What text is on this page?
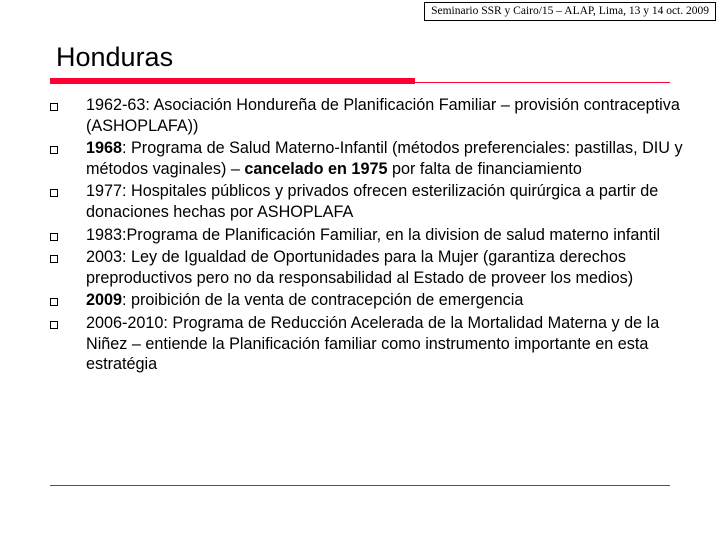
Seminario SSR y Cairo/15 – ALAP, Lima, 13 y 14 oct. 2009
Honduras
1962-63: Asociación Hondureña de Planificación Familiar – provisión contraceptiva (ASHOPLAFA))
1968: Programa de Salud Materno-Infantil (métodos preferenciales: pastillas, DIU y métodos vaginales) – cancelado en 1975 por falta de financiamiento
1977: Hospitales públicos y privados ofrecen esterilización quirúrgica a partir de donaciones hechas por ASHOPLAFA
1983:Programa de Planificación Familiar, en la division de salud materno infantil
2003: Ley de Igualdad de Oportunidades para la Mujer (garantiza derechos preproductivos pero no da responsabilidad al Estado de proveer los medios)
2009: proibición de la venta de contracepción de emergencia
2006-2010: Programa de Reducción Acelerada de la Mortalidad Materna y de la Niñez – entiende la Planificación familiar como instrumento importante en esta estratégia
